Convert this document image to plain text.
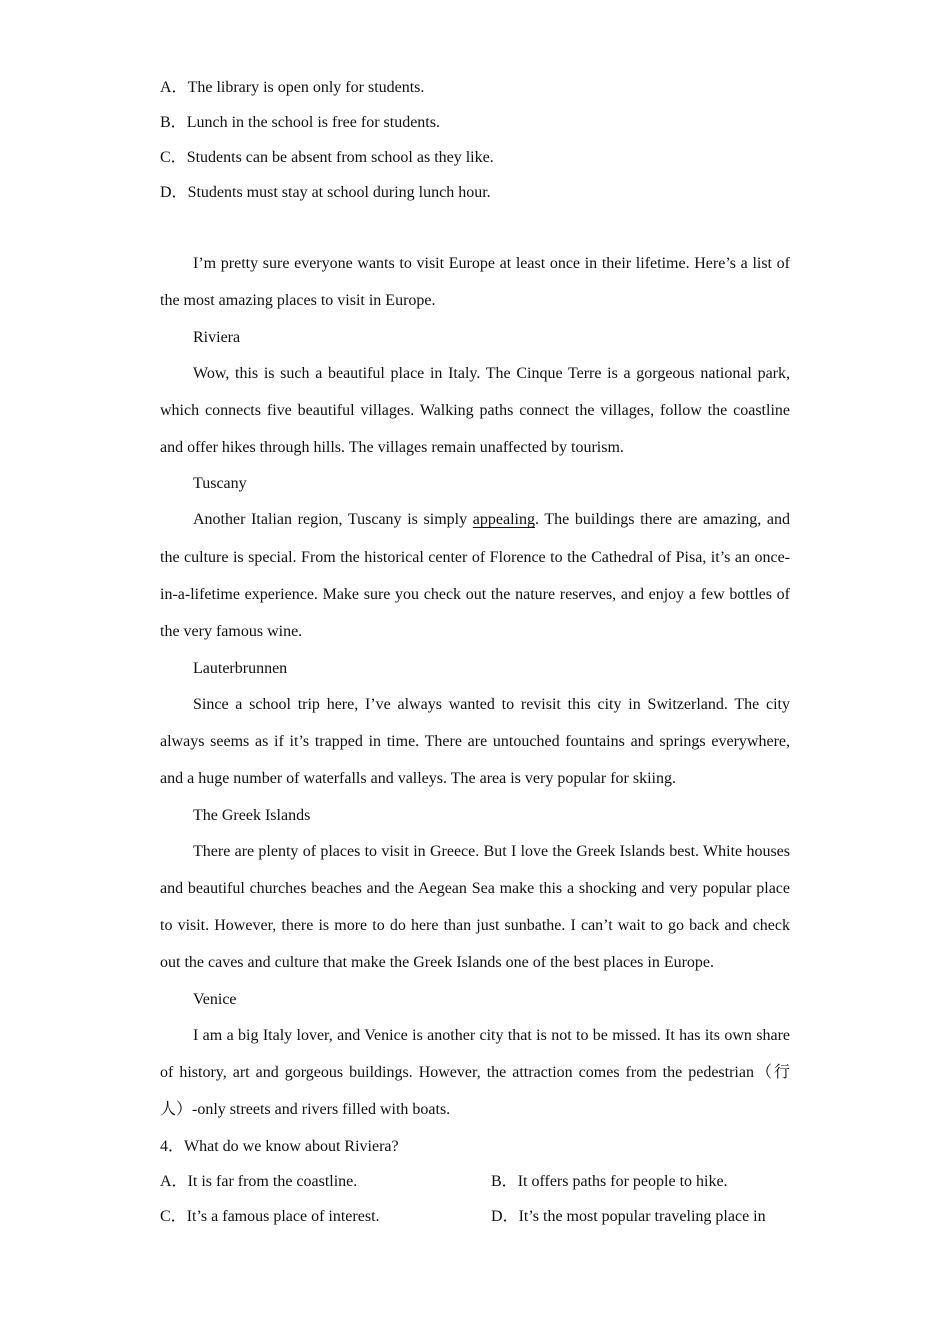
A．The library is open only for students.
B．Lunch in the school is free for students.
C．Students can be absent from school as they like.
D．Students must stay at school during lunch hour.

I’m pretty sure everyone wants to visit Europe at least once in their lifetime. Here’s a list of the most amazing places to visit in Europe.

Riviera

Wow, this is such a beautiful place in Italy. The Cinque Terre is a gorgeous national park, which connects five beautiful villages. Walking paths connect the villages, follow the coastline and offer hikes through hills. The villages remain unaffected by tourism.

Tuscany

Another Italian region, Tuscany is simply appealing. The buildings there are amazing, and the culture is special. From the historical center of Florence to the Cathedral of Pisa, it’s an once-in-a-lifetime experience. Make sure you check out the nature reserves, and enjoy a few bottles of the very famous wine.

Lauterbrunnen

Since a school trip here, I’ve always wanted to revisit this city in Switzerland. The city always seems as if it’s trapped in time. There are untouched fountains and springs everywhere, and a huge number of waterfalls and valleys. The area is very popular for skiing.

The Greek Islands

There are plenty of places to visit in Greece. But I love the Greek Islands best. White houses and beautiful churches beaches and the Aegean Sea make this a shocking and very popular place to visit. However, there is more to do here than just sunbathe. I can’t wait to go back and check out the caves and culture that make the Greek Islands one of the best places in Europe.

Venice

I am a big Italy lover, and Venice is another city that is not to be missed. It has its own share of history, art and gorgeous buildings. However, the attraction comes from the pedestrian（行人）-only streets and rivers filled with boats.

4．What do we know about Riviera?
A．It is far from the coastline.	B．It offers paths for people to hike.
C．It’s a famous place of interest.	D．It’s the most popular traveling place in
